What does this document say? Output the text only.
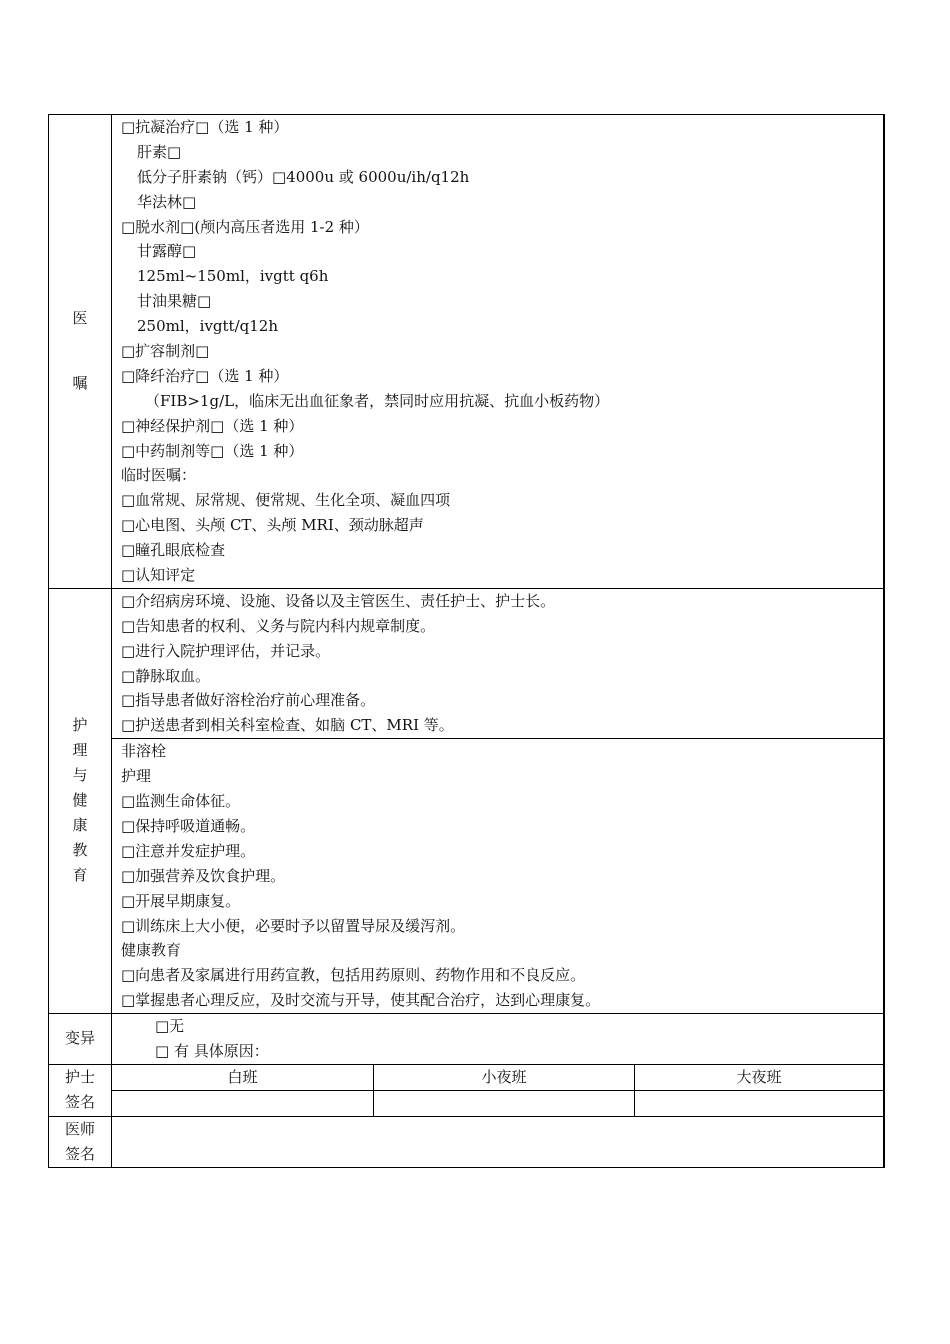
医
嘱
□抗凝治疗□（选 1 种）
肝素□
低分子肝素钠（钙）□4000u 或 6000u/ih/q12h
华法林□
□脱水剂□(颅内高压者选用 1-2 种）
甘露醇□
125ml~150ml，ivgtt q6h
甘油果糖□
250ml，ivgtt/q12h
□扩容制剂□
□降纤治疗□（选 1 种）
（FIB>1g/L，临床无出血征象者，禁同时应用抗凝、抗血小板药物）
□神经保护剂□（选 1 种）
□中药制剂等□（选 1 种）
临时医嘱：
□血常规、尿常规、便常规、生化全项、凝血四项
□心电图、头颅 CT、头颅 MRI、颈动脉超声
□瞳孔眼底检查
□认知评定
护
理
与
健
康
教
育
□介绍病房环境、设施、设备以及主管医生、责任护士、护士长。
□告知患者的权利、义务与院内科内规章制度。
□进行入院护理评估，并记录。
□静脉取血。
□指导患者做好溶栓治疗前心理准备。
□护送患者到相关科室检查、如脑 CT、MRI 等。
非溶栓
护理
□监测生命体征。
□保持呼吸道通畅。
□注意并发症护理。
□加强营养及饮食护理。
□开展早期康复。
□训练床上大小便，必要时予以留置导尿及缓泻剂。
健康教育
□向患者及家属进行用药宣教，包括用药原则、药物作用和不良反应。
□掌握患者心理反应，及时交流与开导，使其配合治疗，达到心理康复。
变异
□无
□ 有 具体原因：
护士
签名
白班	小夜班	大夜班
医师
签名
